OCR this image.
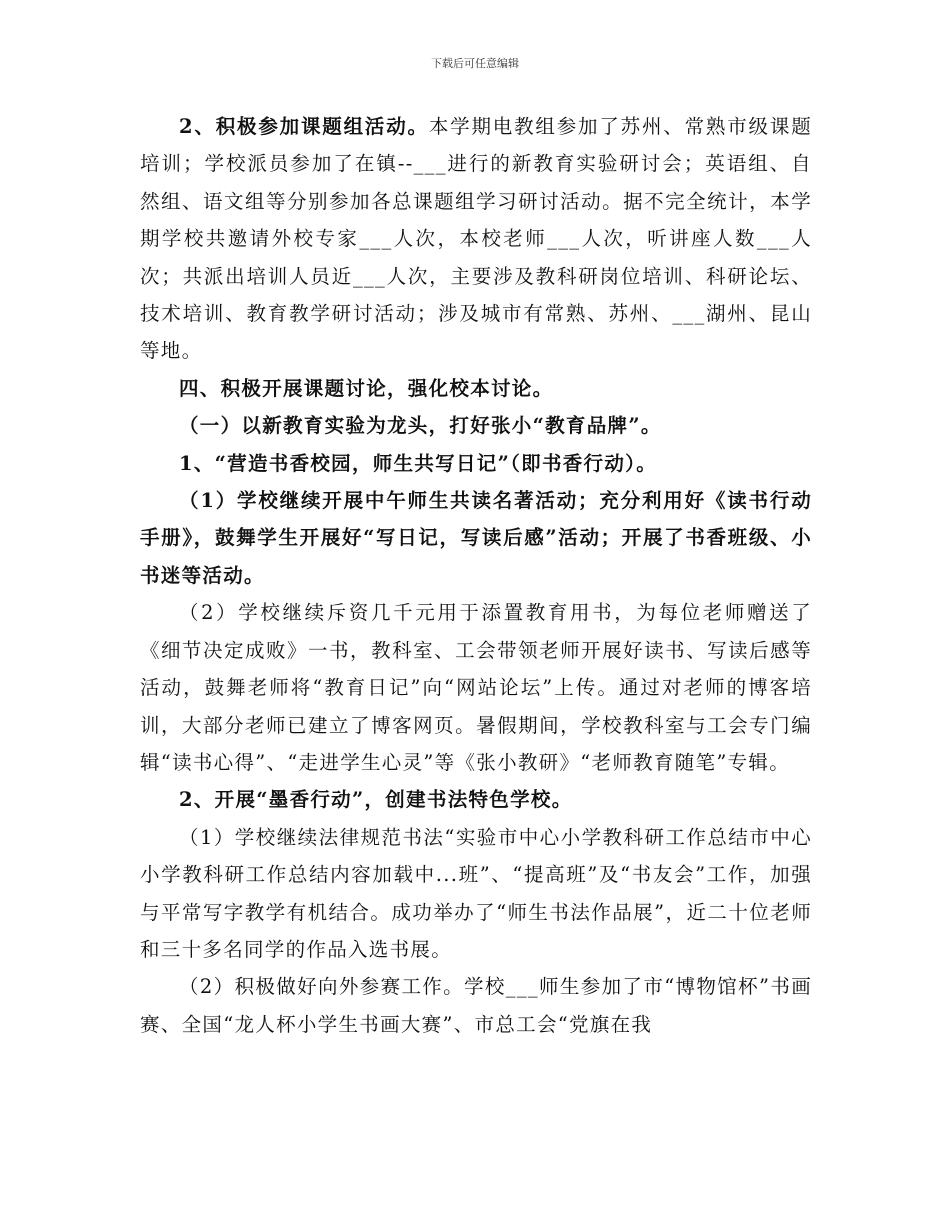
下载后可任意编辑

2、积极参加课题组活动。本学期电教组参加了苏州、常熟市级课题培训；学校派员参加了在镇--___进行的新教育实验研讨会；英语组、自然组、语文组等分别参加各总课题组学习研讨活动。据不完全统计，本学期学校共邀请外校专家___人次，本校老师___人次，听讲座人数___人次；共派出培训人员近___人次，主要涉及教科研岗位培训、科研论坛、技术培训、教育教学研讨活动；涉及城市有常熟、苏州、___湖州、昆山等地。

四、积极开展课题讨论，强化校本讨论。

（一）以新教育实验为龙头，打好张小“教育品牌”。

1、“营造书香校园，师生共写日记”（即书香行动）。

（1）学校继续开展中午师生共读名著活动；充分利用好《读书行动手册》，鼓舞学生开展好“写日记，写读后感”活动；开展了书香班级、小书迷等活动。

（2）学校继续斥资几千元用于添置教育用书，为每位老师赠送了《细节决定成败》一书，教科室、工会带领老师开展好读书、写读后感等活动，鼓舞老师将“教育日记”向“网站论坛”上传。通过对老师的博客培训，大部分老师已建立了博客网页。暑假期间，学校教科室与工会专门编辑“读书心得”、“走进学生心灵”等《张小教研》“老师教育随笔”专辑。

2、开展“墨香行动”，创建书法特色学校。

（1）学校继续法律规范书法“实验市中心小学教科研工作总结市中心小学教科研工作总结内容加载中...班”、“提高班”及“书友会”工作，加强与平常写字教学有机结合。成功举办了“师生书法作品展”，近二十位老师和三十多名同学的作品入选书展。

（2）积极做好向外参赛工作。学校___师生参加了市“博物馆杯”书画赛、全国“龙人杯小学生书画大赛”、市总工会“党旗在我
